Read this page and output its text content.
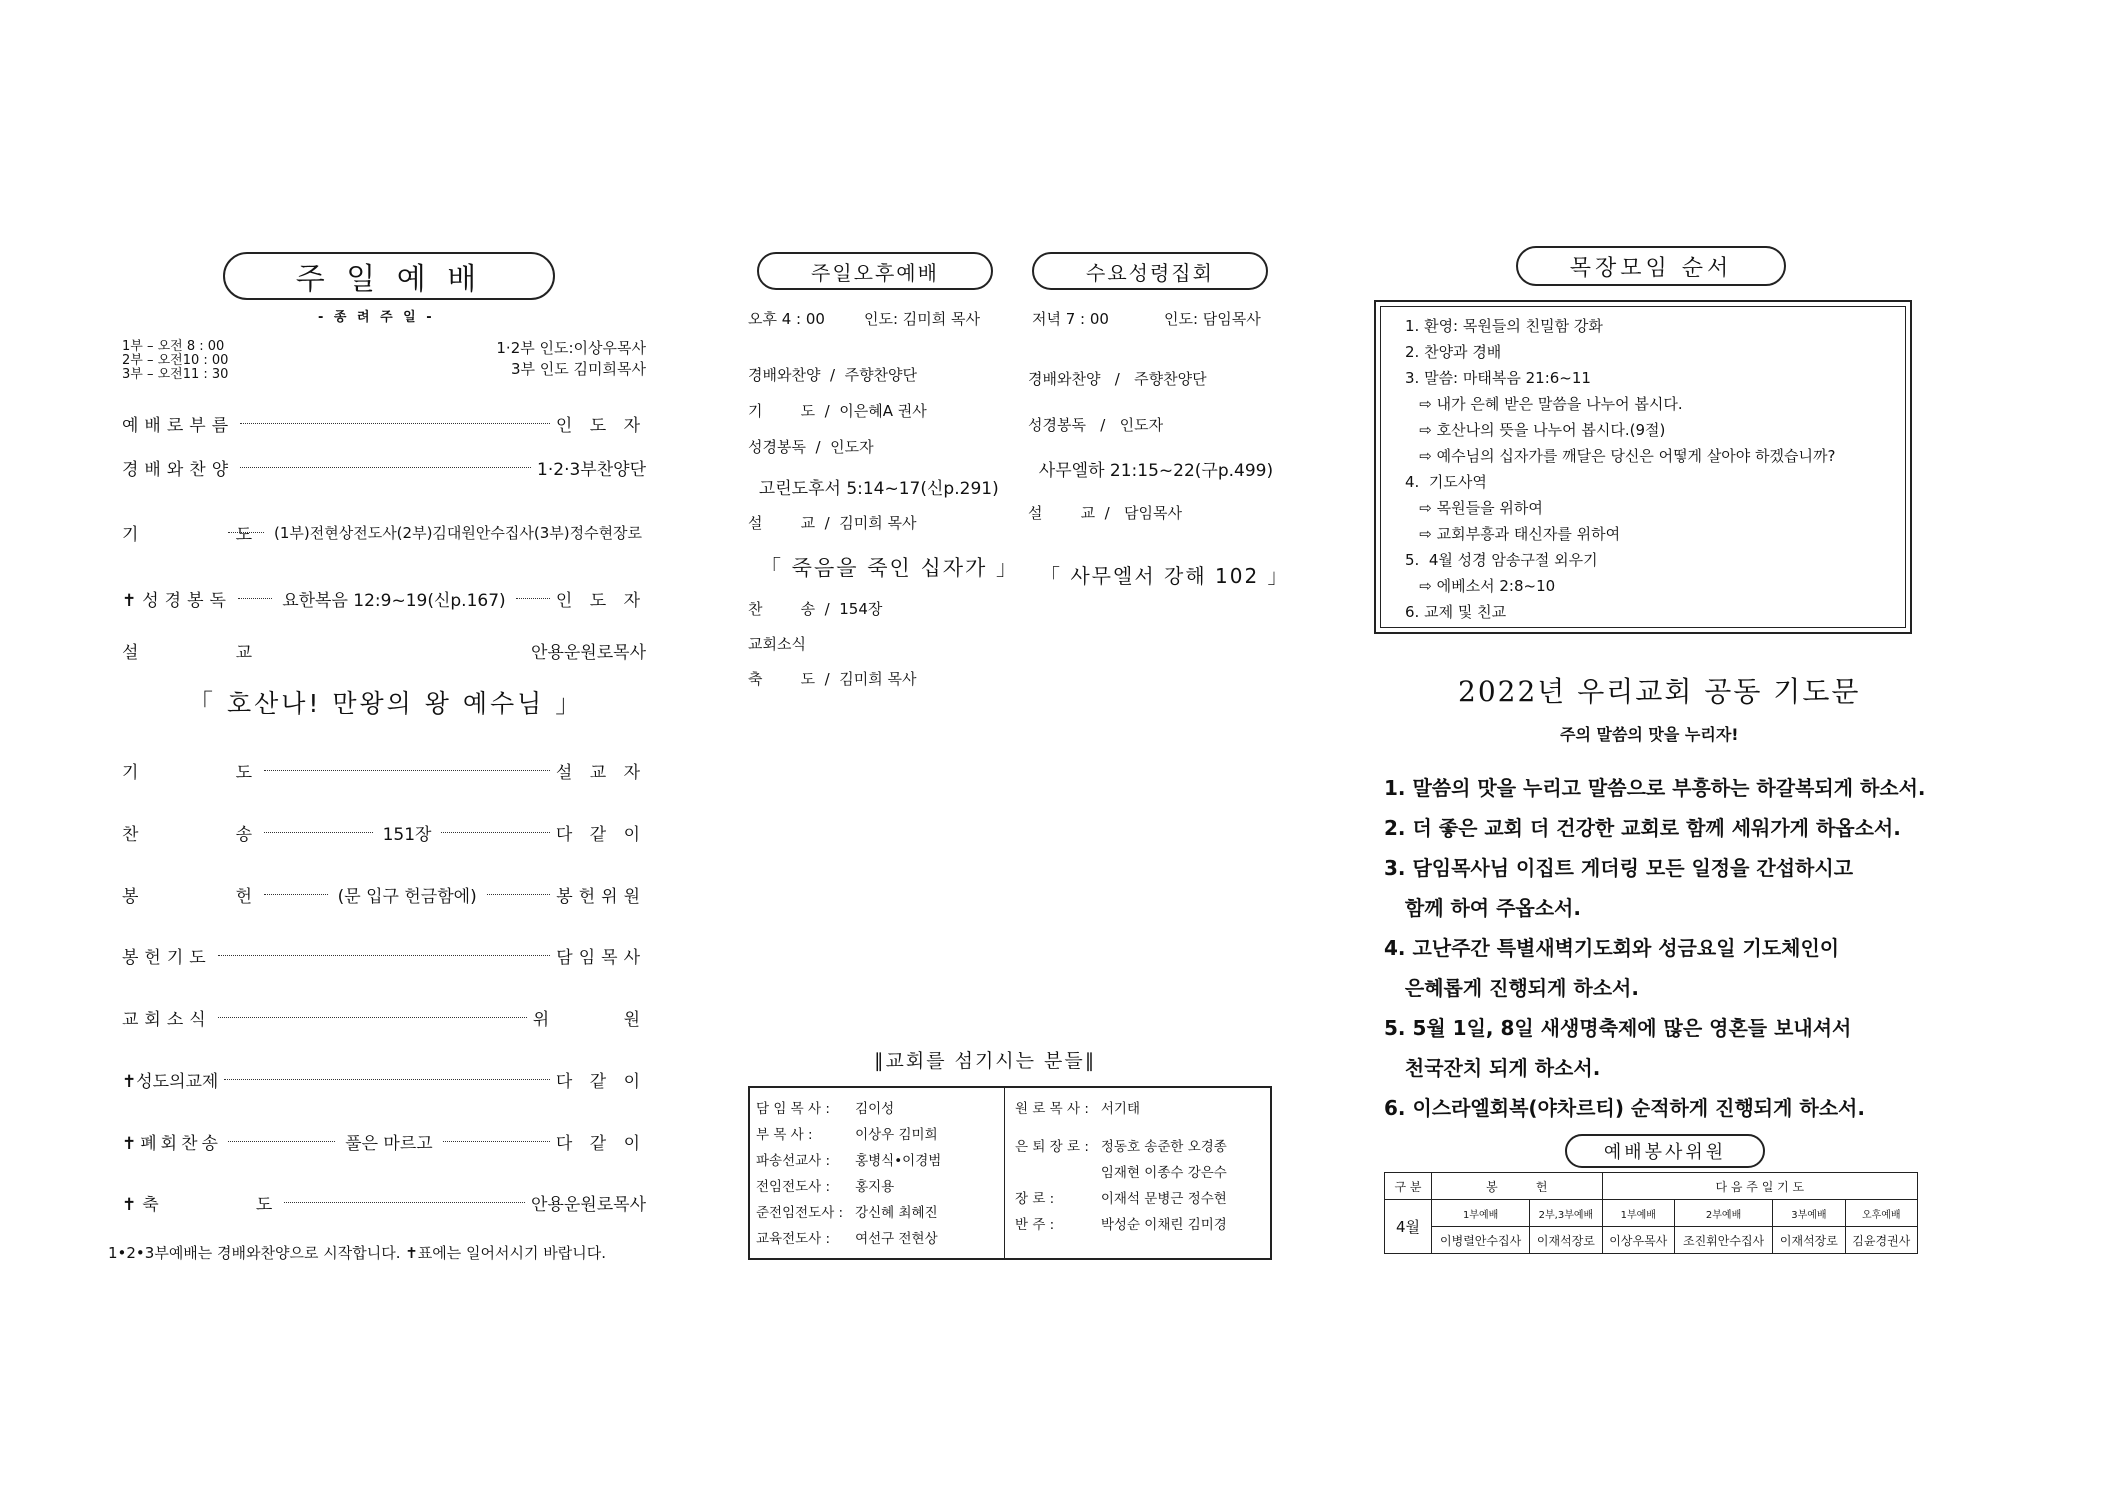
주 일 예 배
- 종 려 주 일 -
1부 – 오전 8 : 00
2부 – 오전10 : 00
3부 – 오전11 : 30
1·2부 인도:이상우목사
3부 인도 김미희목사
예배로부름	인 도 자
경배와찬양	1·2·3부찬양단
기        도 (1부)전현상전도사(2부)김대원안수집사(3부)정수현장로
✝성경봉독	요한복음 12:9~19(신p.167)	인 도 자
설        교	안용운원로목사
「 호산나! 만왕의 왕 예수님 」
기        도	설 교 자
찬        송	151장	다 같 이
봉        헌	(문 입구 헌금함에)	봉헌위원
봉헌기도	담임목사
교회소식	위      원
✝성도의교제	다 같 이
✝폐회찬송	풀은 마르고	다 같 이
✝축        도	안용운원로목사
1•2•3부예배는 경배와찬양으로 시작합니다. ✝표에는 일어서시기 바랍니다.
주일오후예배
오후 4 : 00	인도: 김미희 목사
경배와찬양  /  주향찬양단
기        도  /  이은혜A 권사
성경봉독  /  인도자
고린도후서 5:14~17(신p.291)
설        교  /  김미희 목사
「 죽음을 죽인 십자가 」
찬        송  /  154장
교회소식
축        도  /  김미희 목사
수요성령집회
저녁 7 : 00	인도: 담임목사
경배와찬양   /   주향찬양단
성경봉독   /   인도자
사무엘하 21:15~22(구p.499)
설        교  /   담임목사
「 사무엘서 강해 102 」
∥교회를 섬기시는 분들∥
담 임 목 사 :	김이성
부 목 사 :	이상우 김미희
파송선교사 :	홍병식•이경범
전임전도사 :	홍지용
준전임전도사 :	강신혜 최혜진
교육전도사 :	여선구 전현상
원 로 목 사 :	서기태

은 퇴 장 로 :	정동호 송준한 오경종
	임재현 이종수 강은수
장 로 :	이재석 문병근 정수현
반 주 :	박성순 이채린 김미경
목장모임 순서
1. 환영: 목원들의 친밀함 강화
2. 찬양과 경배
3. 말씀: 마태복음 21:6~11
⇨ 내가 은혜 받은 말씀을 나누어 봅시다.
⇨ 호산나의 뜻을 나누어 봅시다.(9절)
⇨ 예수님의 십자가를 깨달은 당신은 어떻게 살아야 하겠습니까?
4.  기도사역
⇨ 목원들을 위하여
⇨ 교회부흥과 태신자를 위하여
5.  4월 성경 암송구절 외우기
⇨ 에베소서 2:8~10
6. 교제 및 친교
2022년 우리교회 공동 기도문
주의 말씀의 맛을 누리자!
1. 말씀의 맛을 누리고 말씀으로 부흥하는 하갈복되게 하소서.
2. 더 좋은 교회 더 건강한 교회로 함께 세워가게 하옵소서.
3. 담임목사님 이집트 게더링 모든 일정을 간섭하시고
함께 하여 주옵소서.
4. 고난주간 특별새벽기도회와 성금요일 기도체인이
은혜롭게 진행되게 하소서.
5. 5월 1일, 8일 새생명축제에 많은 영혼들 보내셔서
천국잔치 되게 하소서.
6. 이스라엘회복(야차르티) 순적하게 진행되게 하소서.
예배봉사위원
구 분	봉          헌		다 음 주 일 기 도			
4월	1부예배	2부,3부예배	1부예배	2부예배	3부예배	오후예배
	이병렬안수집사	이재석장로	이상우목사	조진휘안수집사	이재석장로	김윤경권사
